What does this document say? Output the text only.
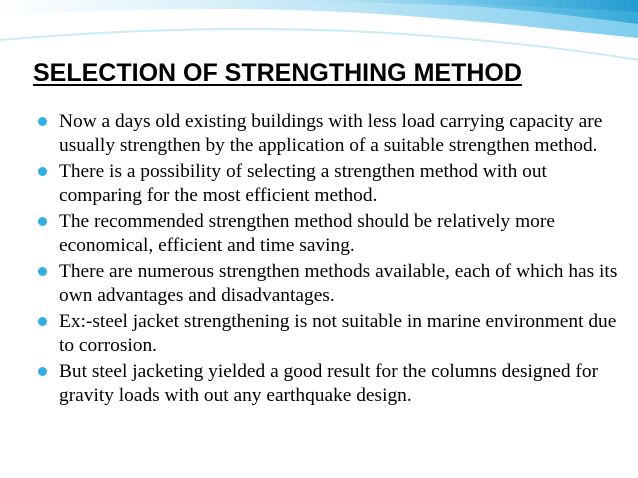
SELECTION OF STRENGTHING METHOD
Now a days old existing buildings with less load carrying capacity are usually strengthen by the application of a suitable strengthen method.
There is a possibility of selecting a strengthen method with out comparing for the most efficient method.
The recommended strengthen method should be relatively more economical, efficient and time saving.
There are numerous strengthen methods available, each of which has its own advantages and disadvantages.
Ex:-steel jacket strengthening is not suitable in marine environment due to corrosion.
But steel jacketing yielded a good result for the columns designed for gravity loads with out any earthquake design.
